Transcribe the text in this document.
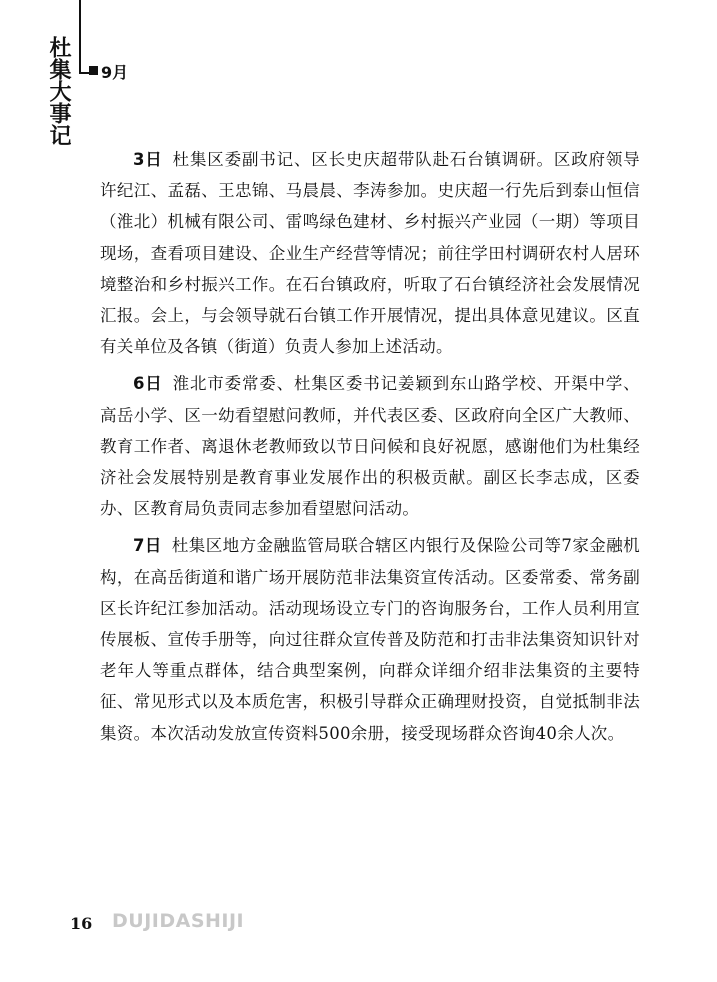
杜集大事记 9月

3日 杜集区委副书记、区长史庆超带队赴石台镇调研。区政府领导许纪江、孟磊、王忠锦、马晨晨、李涛参加。史庆超一行先后到泰山恒信（淮北）机械有限公司、雷鸣绿色建材、乡村振兴产业园（一期）等项目现场，查看项目建设、企业生产经营等情况；前往学田村调研农村人居环境整治和乡村振兴工作。在石台镇政府，听取了石台镇经济社会发展情况汇报。会上，与会领导就石台镇工作开展情况，提出具体意见建议。区直有关单位及各镇（街道）负责人参加上述活动。

6日 淮北市委常委、杜集区委书记姜颖到东山路学校、开渠中学、高岳小学、区一幼看望慰问教师，并代表区委、区政府向全区广大教师、教育工作者、离退休老教师致以节日问候和良好祝愿，感谢他们为杜集经济社会发展特别是教育事业发展作出的积极贡献。副区长李志成，区委办、区教育局负责同志参加看望慰问活动。

7日 杜集区地方金融监管局联合辖区内银行及保险公司等7家金融机构，在高岳街道和谐广场开展防范非法集资宣传活动。区委常委、常务副区长许纪江参加活动。活动现场设立专门的咨询服务台，工作人员利用宣传展板、宣传手册等，向过往群众宣传普及防范和打击非法集资知识针对老年人等重点群体，结合典型案例，向群众详细介绍非法集资的主要特征、常见形式以及本质危害，积极引导群众正确理财投资，自觉抵制非法集资。本次活动发放宣传资料500余册，接受现场群众咨询40余人次。

16 DUJIDASHIJI
